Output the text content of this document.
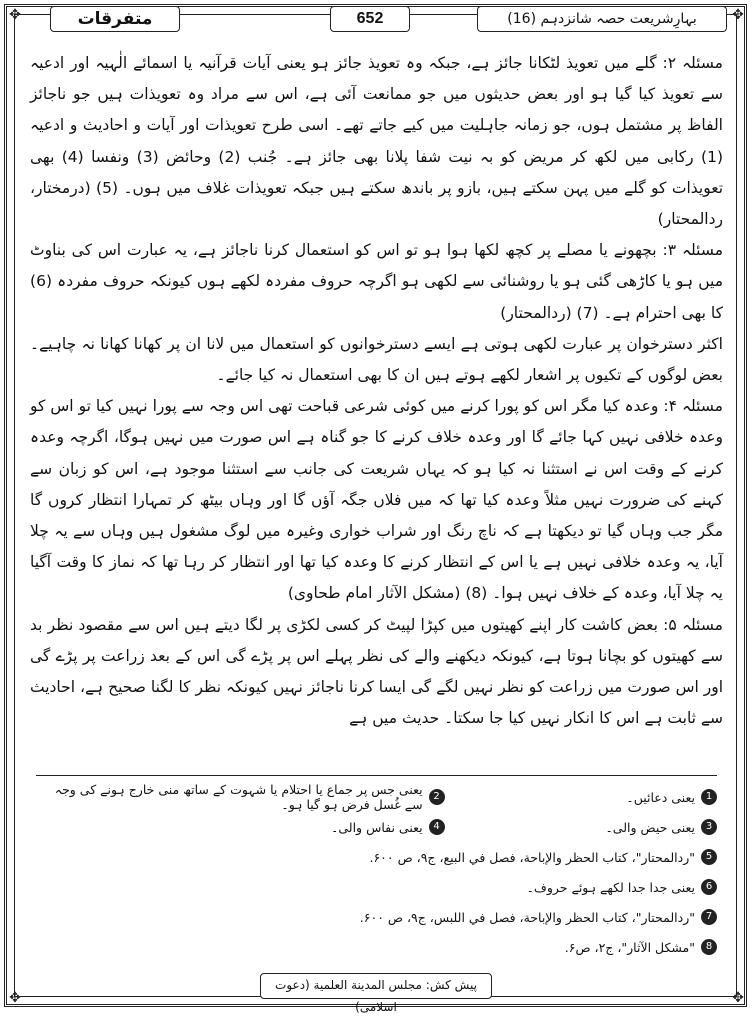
✥	✥
✥	✥
بہارِشریعت حصہ شانزدہم (16)
652
متفرقات

مسئلہ ۲: گلے میں تعویذ لٹکانا جائز ہے، جبکہ وہ تعویذ جائز ہو یعنی آیات قرآنیہ یا اسمائے الٰہیہ اور ادعیہ سے تعویذ کیا گیا ہو اور بعض حدیثوں میں جو ممانعت آئی ہے، اس سے مراد وہ تعویذات ہیں جو ناجائز الفاظ پر مشتمل ہوں، جو زمانہ جاہلیت میں کیے جاتے تھے۔ اسی طرح تعویذات اور آیات و احادیث و ادعیہ (1) رکابی میں لکھ کر مریض کو بہ نیت شفا پلانا بھی جائز ہے۔ جُنب (2) وحائض (3) ونفسا (4) بھی تعویذات کو گلے میں پہن سکتے ہیں، بازو پر باندھ سکتے ہیں جبکہ تعویذات غلاف میں ہوں۔ (5) (درمختار، ردالمحتار)

مسئلہ ۳: بچھونے یا مصلے پر کچھ لکھا ہوا ہو تو اس کو استعمال کرنا ناجائز ہے، یہ عبارت اس کی بناوٹ میں ہو یا کاڑھی گئی ہو یا روشنائی سے لکھی ہو اگرچہ حروف مفردہ لکھے ہوں کیونکہ حروف مفردہ (6) کا بھی احترام ہے۔ (7) (ردالمحتار)

اکثر دسترخوان پر عبارت لکھی ہوتی ہے ایسے دسترخوانوں کو استعمال میں لانا ان پر کھانا کھانا نہ چاہیے۔ بعض لوگوں کے تکیوں پر اشعار لکھے ہوتے ہیں ان کا بھی استعمال نہ کیا جائے۔

مسئلہ ۴: وعدہ کیا مگر اس کو پورا کرنے میں کوئی شرعی قباحت تھی اس وجہ سے پورا نہیں کیا تو اس کو وعدہ خلافی نہیں کہا جائے گا اور وعدہ خلاف کرنے کا جو گناہ ہے اس صورت میں نہیں ہوگا، اگرچہ وعدہ کرنے کے وقت اس نے استثنا نہ کیا ہو کہ یہاں شریعت کی جانب سے استثنا موجود ہے، اس کو زبان سے کہنے کی ضرورت نہیں مثلاً وعدہ کیا تھا کہ میں فلاں جگہ آؤں گا اور وہاں بیٹھ کر تمہارا انتظار کروں گا مگر جب وہاں گیا تو دیکھتا ہے کہ ناچ رنگ اور شراب خواری وغیرہ میں لوگ مشغول ہیں وہاں سے یہ چلا آیا، یہ وعدہ خلافی نہیں ہے یا اس کے انتظار کرنے کا وعدہ کیا تھا اور انتظار کر رہا تھا کہ نماز کا وقت آگیا یہ چلا آیا، وعدہ کے خلاف نہیں ہوا۔ (8) (مشکل الآثار امام طحاوی)

مسئلہ ۵: بعض کاشت کار اپنے کھیتوں میں کپڑا لپیٹ کر کسی لکڑی پر لگا دیتے ہیں اس سے مقصود نظر بد سے کھیتوں کو بچانا ہوتا ہے، کیونکہ دیکھنے والے کی نظر پہلے اس پر پڑے گی اس کے بعد زراعت پر پڑے گی اور اس صورت میں زراعت کو نظر نہیں لگے گی ایسا کرنا ناجائز نہیں کیونکہ نظر کا لگنا صحیح ہے، احادیث سے ثابت ہے اس کا انکار نہیں کیا جا سکتا۔ حدیث میں ہے

1
یعنی دعائیں۔
2
یعنی جس پر جماع یا احتلام یا شہوت کے ساتھ منی خارج ہونے کی وجہ سے غُسل فرض ہو گیا ہو۔
3
یعنی حیض والی۔
4
یعنی نفاس والی۔
5
"ردالمحتار"، کتاب الحظر والإباحة، فصل في البیع، ج۹، ص ۶۰۰.
6
یعنی جدا جدا لکھے ہوئے حروف۔
7
"ردالمحتار"، کتاب الحظر والإباحة، فصل في اللبس، ج۹، ص ۶۰۰.
8
"مشکل الآثار"، ج۲، ص۶.
پیش کش: مجلس المدینة العلمیة (دعوت اسلامی)
